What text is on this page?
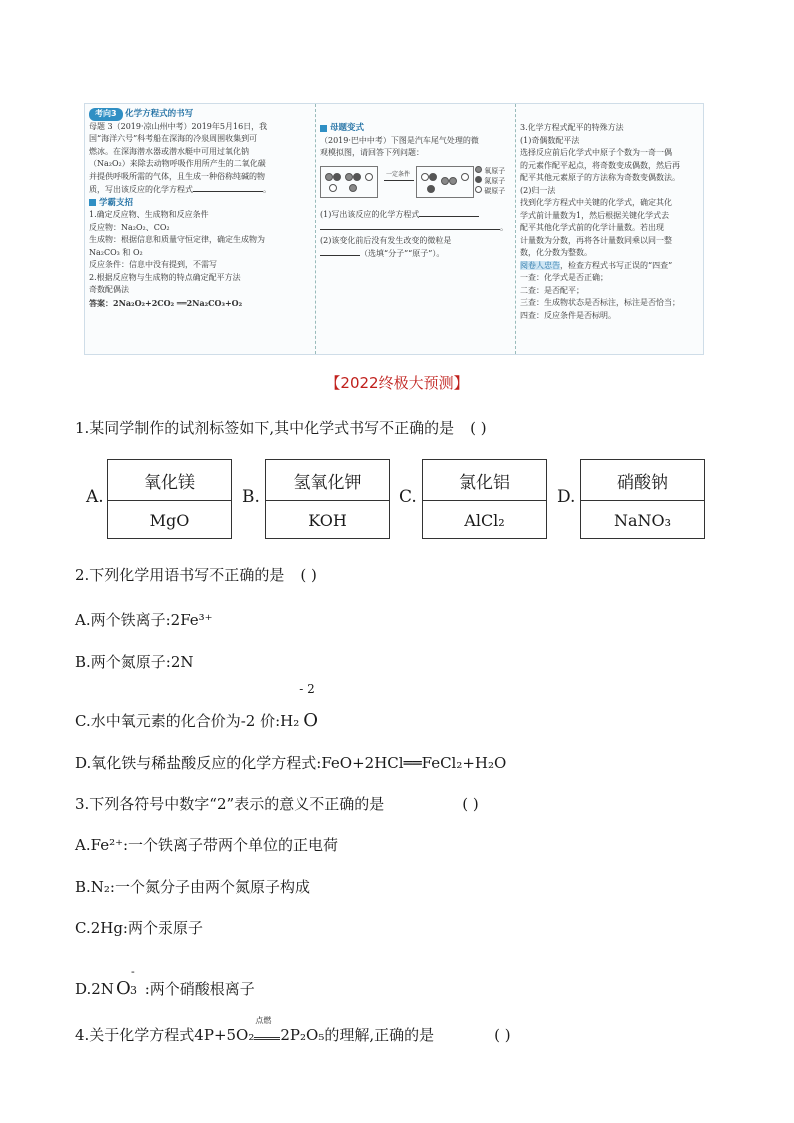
考向3 化学方程式的书写

母题 3（2019·凉山州中考）2019年5月16日，我

国“海洋六号”科考船在深海的冷泉周围收集到可

燃冰。在深海潜水器或潜水艇中可用过氧化钠

（Na₂O₂）来除去动物呼吸作用所产生的二氧化碳

并提供呼吸所需的气体，且生成一种俗称纯碱的物

质，写出该反应的化学方程式	。

学霸支招

1.确定反应物、生成物和反应条件

反应物：Na₂O₂、CO₂

生成物：根据信息和质量守恒定律，确定生成物为

Na₂CO₃ 和 O₂

反应条件：信息中没有提到，不需写

2.根据反应物与生成物的特点确定配平方法

奇数配偶法

答案：2Na₂O₂+2CO₂ ══2Na₂CO₃+O₂

母题变式

（2019·巴中中考）下图是汽车尾气处理的微

观模拟图，请回答下列问题：

一定条件	氧原子
氮原子
碳原子

(1)写出该反应的化学方程式

。

(2)该变化前后没有发生改变的微粒是

（选填“分子”“原子”）。

3.化学方程式配平的特殊方法

(1)奇偶数配平法

选择反应前后化学式中原子个数为一奇一偶

的元素作配平起点，将奇数变成偶数，然后再

配平其他元素原子的方法称为奇数变偶数法。

(2)归一法

找到化学方程式中关键的化学式，确定其化

学式前计量数为1，然后根据关键化学式去

配平其他化学式前的化学计量数。若出现

计量数为分数，再将各计量数同乘以同一整

数，化分数为整数。

阅卷人忠告，检查方程式书写正误的“四查”

一查：化学式是否正确；

二查：是否配平；

三查：生成物状态是否标注，标注是否恰当；

四查：反应条件是否标明。

【2022终极大预测】
1.某同学制作的试剂标签如下,其中化学式书写不正确的是 ( )
A.
氧化镁
MgO
B.
氢氧化钾
KOH
C.
氯化铝
AlCl₂
D.
硝酸钠
NaNO₃
2.下列化学用语书写不正确的是 ( )
A.两个铁离子:2Fe³⁺
B.两个氮原子:2N
C.水中氧元素的化合价为-2 价:H₂ O
- 2
D.氧化铁与稀盐酸反应的化学方程式:FeO+2HCl══FeCl₂+H₂O
3.下列各符号中数字“2”表示的意义不正确的是	( )
A.Fe²⁺:一个铁离子带两个单位的正电荷
B.N₂:一个氮分子由两个氮原子构成
C.2Hg:两个汞原子
D.2N O
-
3 :两个硝酸根离子
4.关于化学方程式4P+5O₂
点燃
2P₂O₅的理解,正确的是	( )
